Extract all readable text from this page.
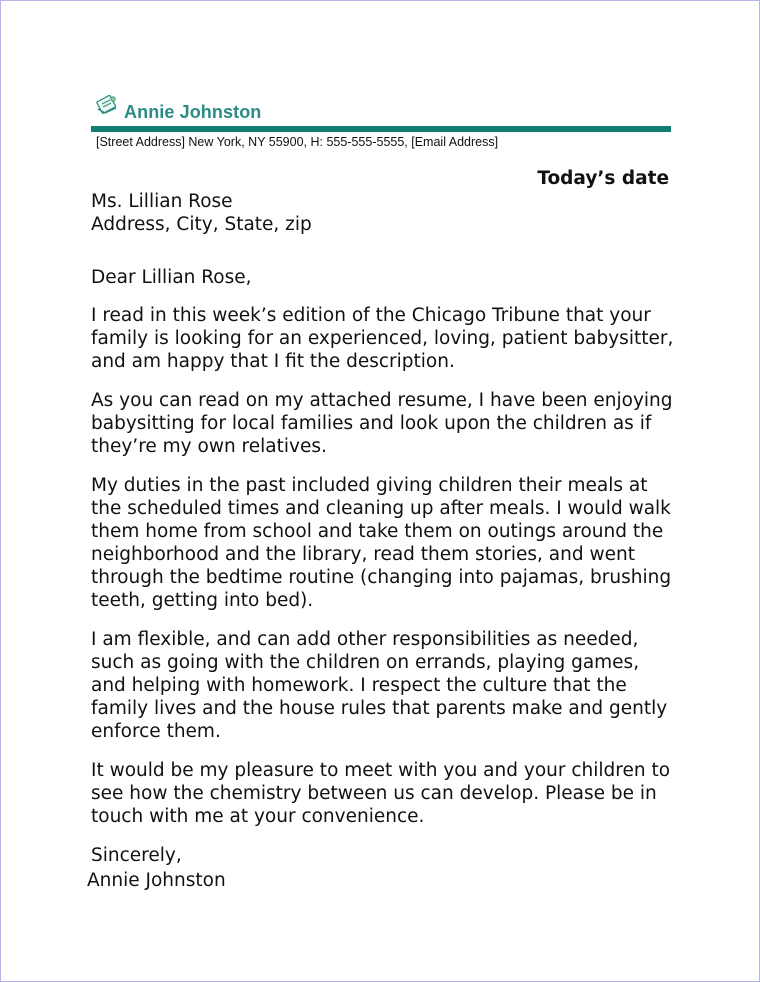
Annie Johnston
[Street Address] New York, NY 55900, H: 555-555-5555, [Email Address]
Today’s date
Ms. Lillian Rose
Address, City, State, zip

Dear Lillian Rose,

I read in this week’s edition of the Chicago Tribune that your family is looking for an experienced, loving, patient babysitter, and am happy that I fit the description.

As you can read on my attached resume, I have been enjoying babysitting for local families and look upon the children as if they’re my own relatives.

My duties in the past included giving children their meals at the scheduled times and cleaning up after meals. I would walk them home from school and take them on outings around the neighborhood and the library, read them stories, and went through the bedtime routine (changing into pajamas, brushing teeth, getting into bed).

I am flexible, and can add other responsibilities as needed, such as going with the children on errands, playing games, and helping with homework. I respect the culture that the family lives and the house rules that parents make and gently enforce them.

It would be my pleasure to meet with you and your children to see how the chemistry between us can develop. Please be in touch with me at your convenience.

Sincerely,

Annie Johnston
